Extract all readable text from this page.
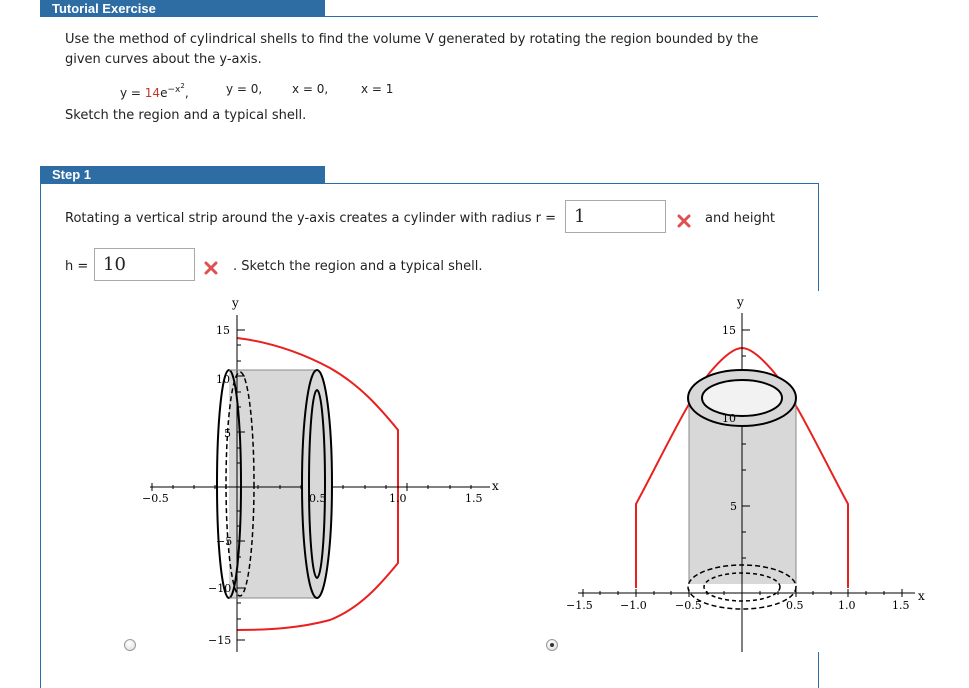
Tutorial Exercise
Use the method of cylindrical shells to find the volume V generated by rotating the region bounded by the
given curves about the y-axis.
$y = 14e^{-x^2}$,	y = 0, x = 0,	x = 1
Sketch the region and a typical shell.
Step 1
Rotating a vertical strip around the y-axis creates a cylinder with radius r = 1	and height
h = 10	. Sketch the region and a typical shell.
y
x
15
10
5
−5
−10
−15
−0.5	0.5	1.0	1.5
y
x
15
10
5
−1.5 −1.0	−0.5	0.5	1.0	1.5
